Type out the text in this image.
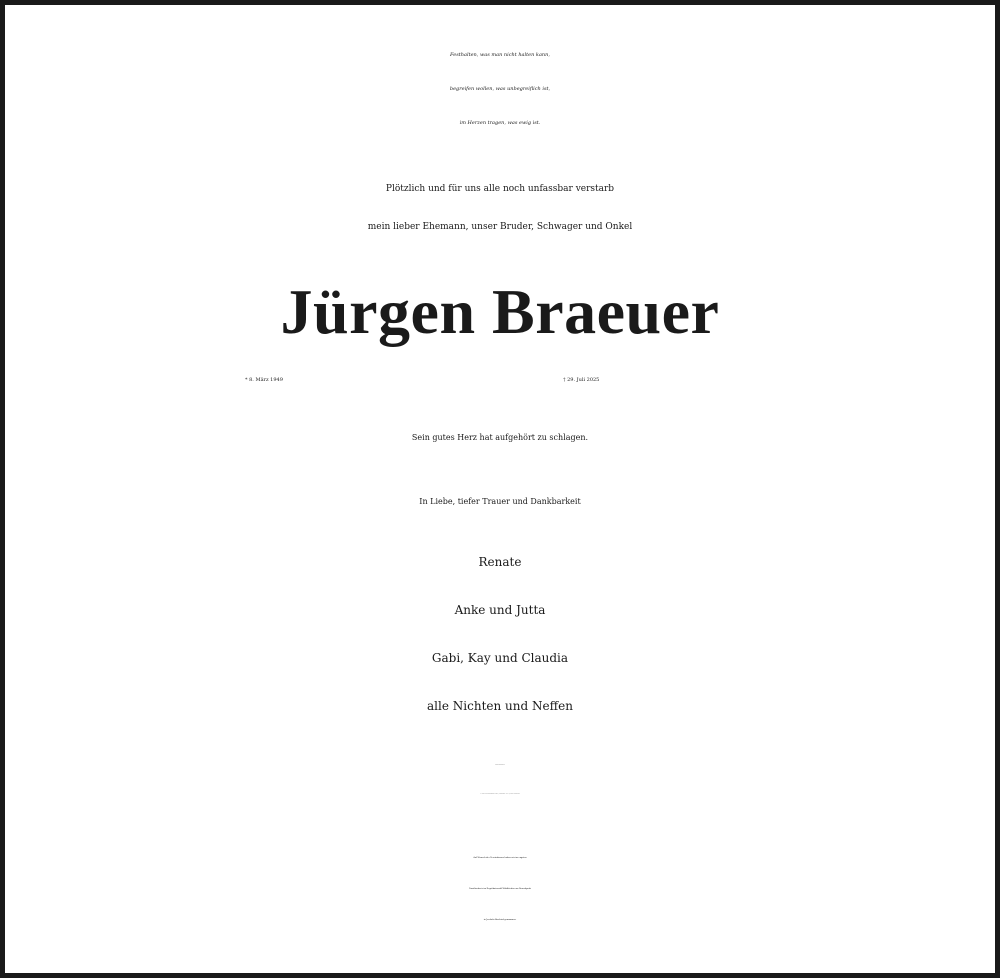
Festhalten, was man nicht halten kann,
begreifen wollen, was unbegreiflich ist,
im Herzen tragen, was ewig ist.
Plötzlich und für uns alle noch unfassbar verstarb
mein lieber Ehemann, unser Bruder, Schwager und Onkel
Jürgen Braeuer
* 8. März 1949	† 29. Juli 2025
Sein gutes Herz hat aufgehört zu schlagen.
In Liebe, tiefer Trauer und Dankbarkeit
Renate
Anke und Jutta
Gabi, Kay und Claudia
alle Nichten und Neffen
Kondolenzanschrift:
E. Falke Beerdigungsinstitut GmbH, Manhagener Allee 16, 22926 Ahrensburg.
Auf Wunsch des Verstorbenen haben wir im engsten
Familienkreis im Begräbniswald Waldfrieden am Barockpark
in Jersbek Abschied genommen.
